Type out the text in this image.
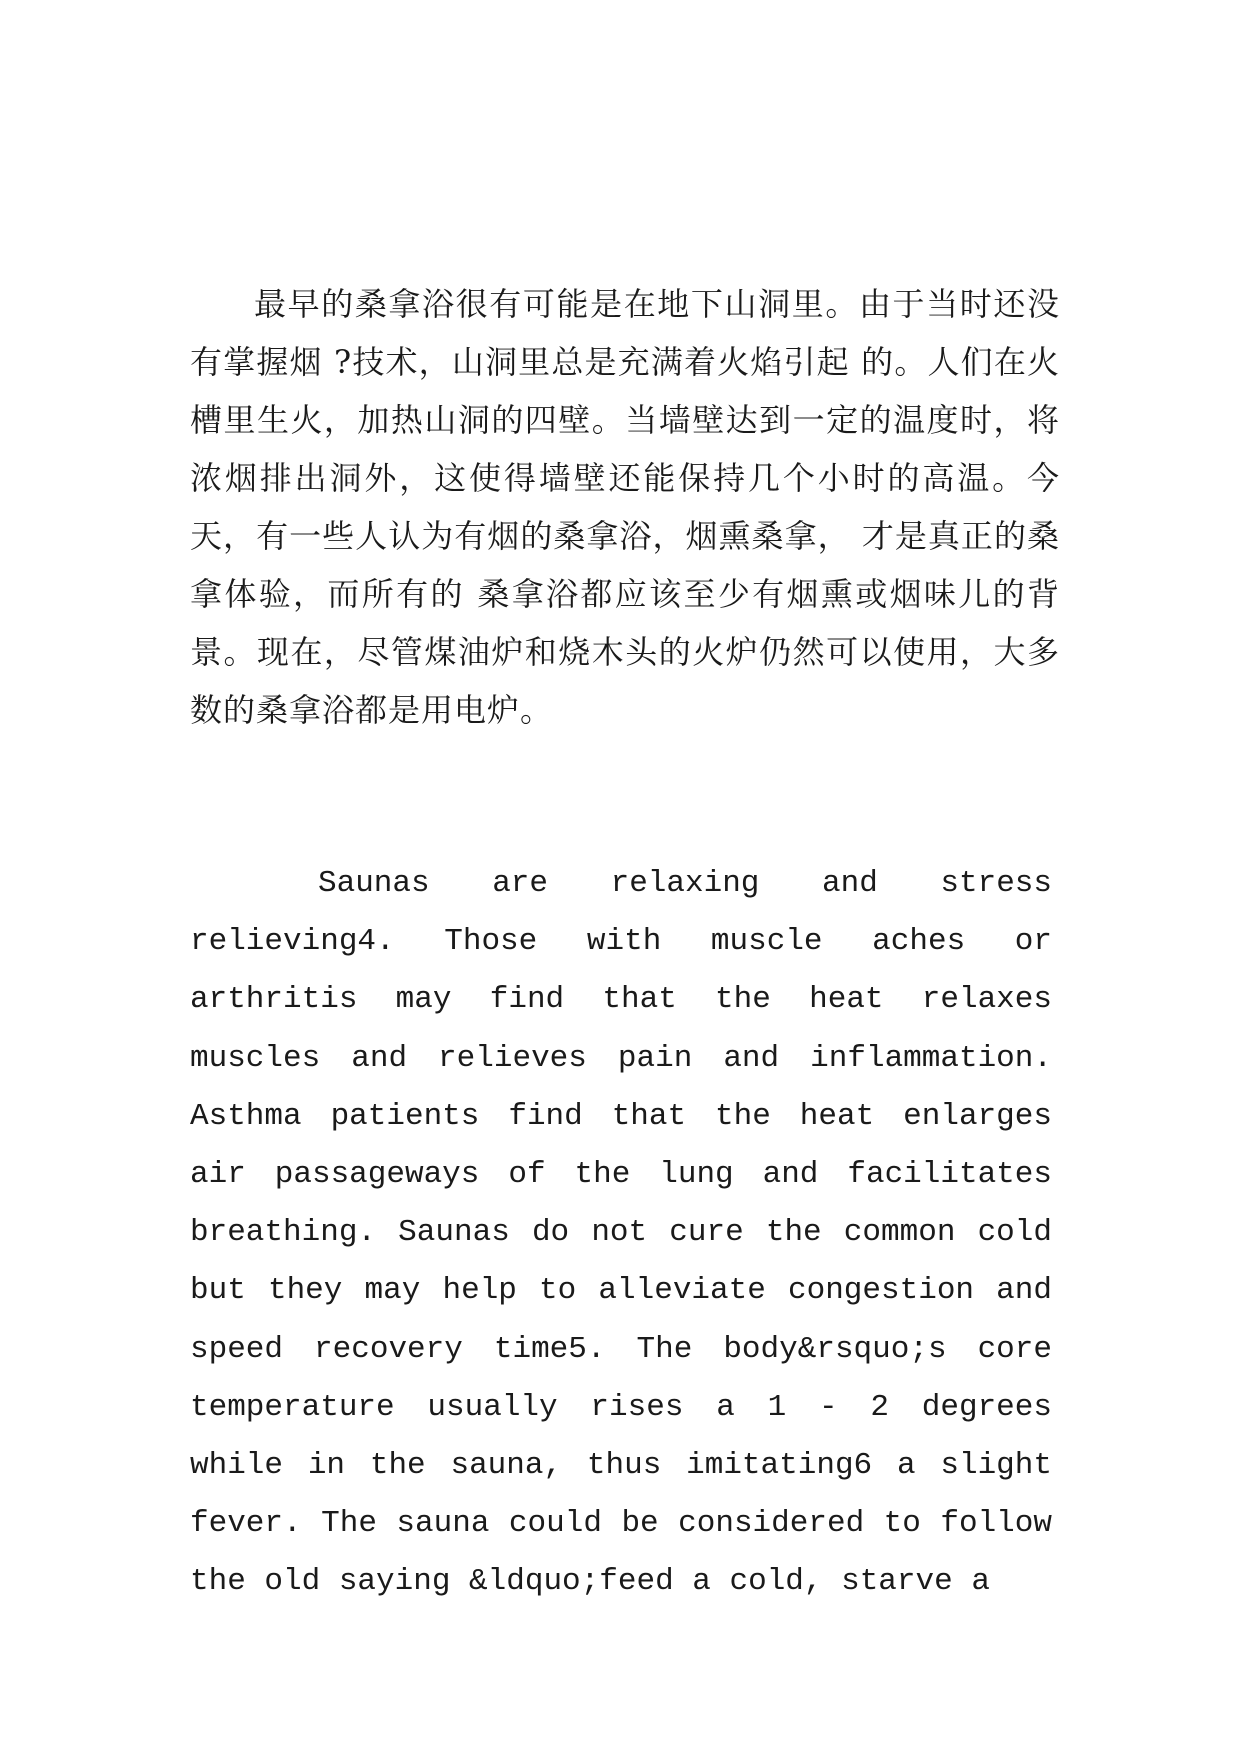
最早的桑拿浴很有可能是在地下山洞里。由于当时还没有掌握烟 ?技术，山洞里总是充满着火焰引起 的。人们在火槽里生火，加热山洞的四壁。当墙壁达到一定的温度时，将浓烟排出洞外，这使得墙壁还能保持几个小时的高温。今天，有一些人认为有烟的桑拿浴，烟熏桑拿， 才是真正的桑拿体验，而所有的 桑拿浴都应该至少有烟熏或烟味儿的背景。现在，尽管煤油炉和烧木头的火炉仍然可以使用，大多数的桑拿浴都是用电炉。

Saunas are relaxing and stress relieving4. Those with muscle aches or arthritis may find that the heat relaxes muscles and relieves pain and inflammation. Asthma patients find that the heat enlarges air passageways of the lung and facilitates breathing. Saunas do not cure the common cold but they may help to alleviate congestion and speed recovery time5. The body&rsquo;s core temperature usually rises a 1 - 2 degrees while in the sauna, thus imitating6 a slight fever. The sauna could be considered to follow the old saying &ldquo;feed a cold, starve a
